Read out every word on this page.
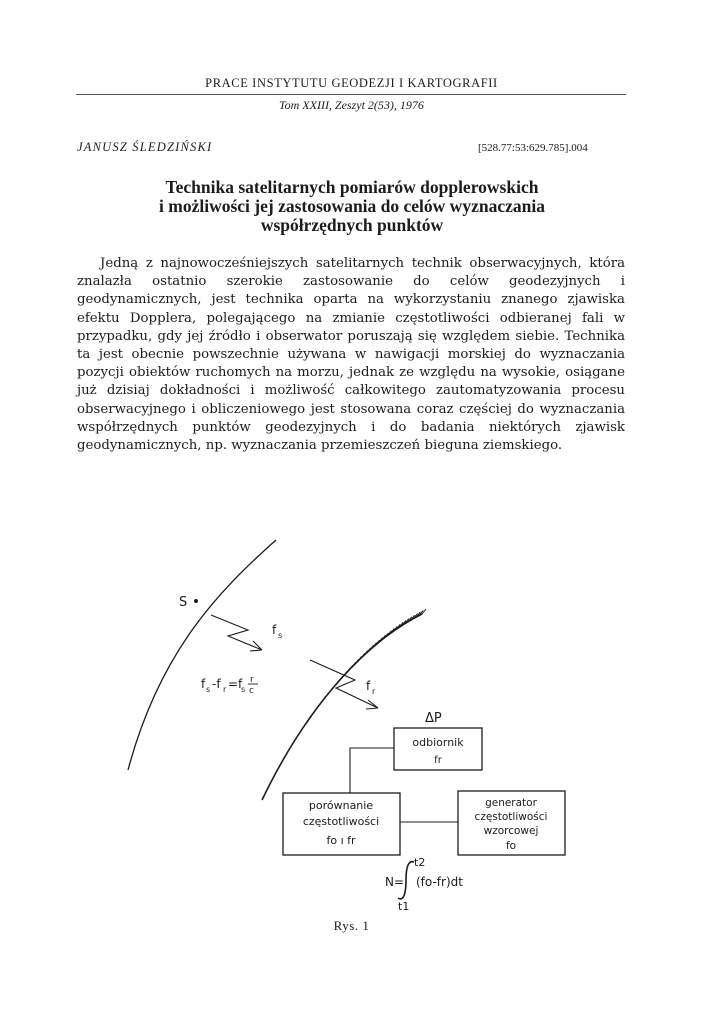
PRACE INSTYTUTU GEODEZJI I KARTOGRAFII
Tom XXIII, Zeszyt 2(53), 1976
JANUSZ ŚLEDZIŃSKI	[528.77:53:629.785].004
Technika satelitarnych pomiarów dopplerowskich
i możliwości jej zastosowania do celów wyznaczania
współrzędnych punktów
Jedną z najnowocześniejszych satelitarnych technik obserwacyjnych, która znalazła ostatnio szerokie zastosowanie do celów geodezyjnych i geodynamicznych, jest technika oparta na wykorzystaniu znanego zjawiska efektu Dopplera, polegającego na zmianie częstotliwości odbieranej fali w przypadku, gdy jej źródło i obserwator poruszają się względem siebie. Technika ta jest obecnie powszechnie używana w nawigacji morskiej do wyznaczania pozycji obiektów ruchomych na morzu, jednak ze względu na wysokie, osiągane już dzisiaj dokładności i możliwość całkowitego zautomatyzowania procesu obserwacyjnego i obliczeniowego jest stosowana coraz częściej do wyznaczania współrzędnych punktów geodezyjnych i do badania niektórych zjawisk geodynamicznych, np. wyznaczania przemieszczeń bieguna ziemskiego.
S
f s
f s -f r =f
s
r
c	f r
ΔP
odbiornik
fr
porównanie
częstotliwości
fo ı fr
generator
częstotliwości
wzorcowej
fo
N=
t2
t1
(fo-fr)dt
Rys. 1
